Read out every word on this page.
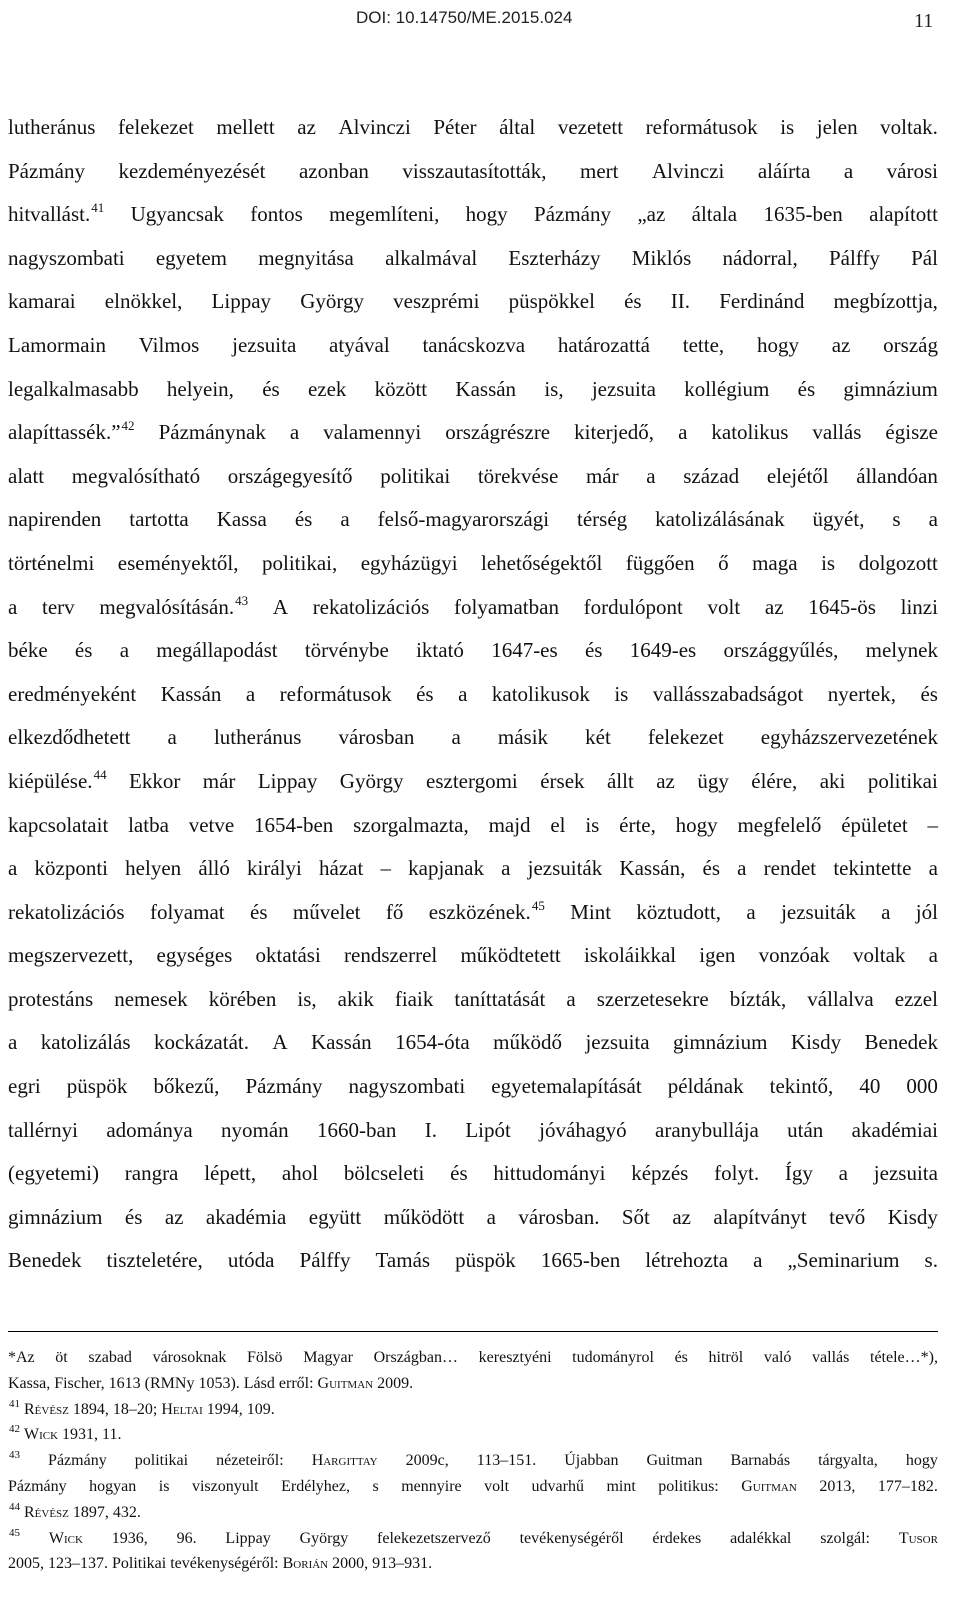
DOI: 10.14750/ME.2015.024	11
lutheránus felekezet mellett az Alvinczi Péter által vezetett reformátusok is jelen voltak.
Pázmány kezdeményezését azonban visszautasították, mert Alvinczi aláírta a városi
hitvallást.$^{41}$ Ugyancsak fontos megemlíteni, hogy Pázmány „az általa 1635-ben alapított
nagyszombati egyetem megnyitása alkalmával Eszterházy Miklós nádorral, Pálffy Pál
kamarai elnökkel, Lippay György veszprémi püspökkel és II. Ferdinánd megbízottja,
Lamormain Vilmos jezsuita atyával tanácskozva határozattá tette, hogy az ország
legalkalmasabb helyein, és ezek között Kassán is, jezsuita kollégium és gimnázium
alapíttassék.”$^{42}$ Pázmánynak a valamennyi országrészre kiterjedő, a katolikus vallás égisze
alatt megvalósítható országegyesítő politikai törekvése már a század elejétől állandóan
napirenden tartotta Kassa és a felső-magyarországi térség katolizálásának ügyét, s a
történelmi eseményektől, politikai, egyházügyi lehetőségektől függően ő maga is dolgozott
a terv megvalósításán.$^{43}$ A rekatolizációs folyamatban fordulópont volt az 1645-ös linzi
béke és a megállapodást törvénybe iktató 1647-es és 1649-es országgyűlés, melynek
eredményeként Kassán a reformátusok és a katolikusok is vallásszabadságot nyertek, és
elkezdődhetett a lutheránus városban a másik két felekezet egyházszervezetének
kiépülése.$^{44}$ Ekkor már Lippay György esztergomi érsek állt az ügy élére, aki politikai
kapcsolatait latba vetve 1654-ben szorgalmazta, majd el is érte, hogy megfelelő épületet –
a központi helyen álló királyi házat – kapjanak a jezsuiták Kassán, és a rendet tekintette a
rekatolizációs folyamat és művelet fő eszközének.$^{45}$ Mint köztudott, a jezsuiták a jól
megszervezett, egységes oktatási rendszerrel működtetett iskoláikkal igen vonzóak voltak a
protestáns nemesek körében is, akik fiaik taníttatását a szerzetesekre bízták, vállalva ezzel
a katolizálás kockázatát. A Kassán 1654-óta működő jezsuita gimnázium Kisdy Benedek
egri püspök bőkezű, Pázmány nagyszombati egyetemalapítását példának tekintő, 40 000
tallérnyi adománya nyomán 1660-ban I. Lipót jóváhagyó aranybullája után akadémiai
(egyetemi) rangra lépett, ahol bölcseleti és hittudományi képzés folyt. Így a jezsuita
gimnázium és az akadémia együtt működött a városban. Sőt az alapítványt tevő Kisdy
Benedek tiszteletére, utóda Pálffy Tamás püspök 1665-ben létrehozta a „Seminarium s.
*Az öt szabad városoknak Fölsö Magyar Országban… keresztyéni tudományrol és hitröl való vallás tétele…*),
Kassa, Fischer, 1613 (RMNy 1053). Lásd erről: Guitman 2009.
$^{41}$ Révész 1894, 18–20; Heltai 1994, 109.
$^{42}$ Wick 1931, 11.
$^{43}$ Pázmány politikai nézeteiről: Hargittay 2009c, 113–151. Újabban Guitman Barnabás tárgyalta, hogy
Pázmány hogyan is viszonyult Erdélyhez, s mennyire volt udvarhű mint politikus: Guitman 2013, 177–182.
$^{44}$ Révész 1897, 432.
$^{45}$ Wick 1936, 96. Lippay György felekezetszervező tevékenységéről érdekes adalékkal szolgál: Tusor
2005, 123–137. Politikai tevékenységéről: Borián 2000, 913–931.
